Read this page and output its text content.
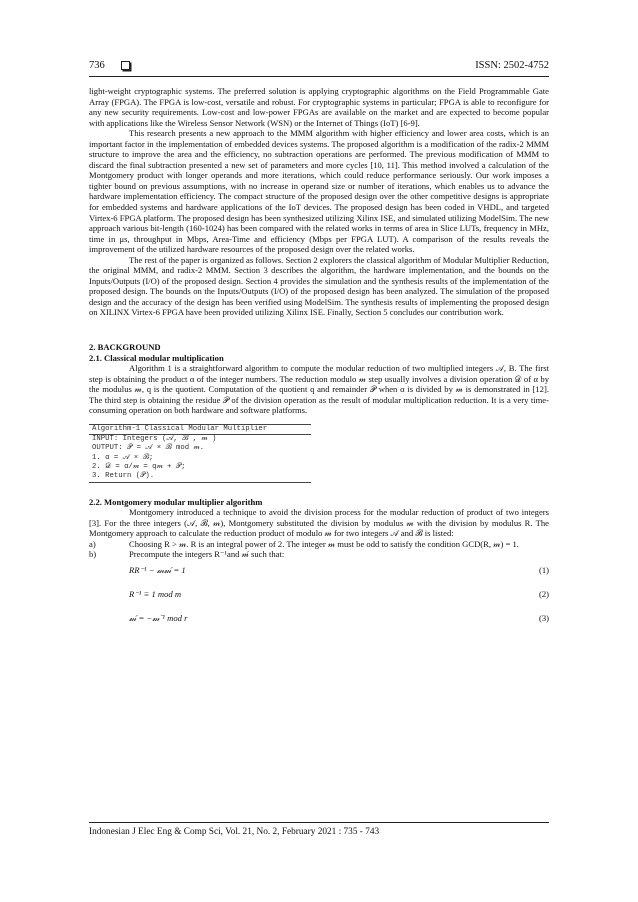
736	ISSN: 2502-4752

light-weight cryptographic systems. The preferred solution is applying cryptographic algorithms on the Field Programmable Gate Array (FPGA). The FPGA is low-cost, versatile and robust. For cryptographic systems in particular; FPGA is able to reconfigure for any new security requirements. Low-cost and low-power FPGAs are available on the market and are expected to become popular with applications like the Wireless Sensor Network (WSN) or the Internet of Things (IoT) [6-9].

This research presents a new approach to the MMM algorithm with higher efficiency and lower area costs, which is an important factor in the implementation of embedded devices systems. The proposed algorithm is a modification of the radix-2 MMM structure to improve the area and the efficiency, no subtraction operations are performed. The previous modification of MMM to discard the final subtraction presented a new set of parameters and more cycles [10, 11]. This method involved a calculation of the Montgomery product with longer operands and more iterations, which could reduce performance seriously. Our work imposes a tighter bound on previous assumptions, with no increase in operand size or number of iterations, which enables us to advance the hardware implementation efficiency. The compact structure of the proposed design over the other competitive designs is appropriate for embedded systems and hardware applications of the IoT devices. The proposed design has been coded in VHDL, and targeted Virtex-6 FPGA platform. The proposed design has been synthesized utilizing Xilinx ISE, and simulated utilizing ModelSim. The new approach various bit-length (160-1024) has been compared with the related works in terms of area in Slice LUTs, frequency in MHz, time in μs, throughput in Mbps, Area-Time and efficiency (Mbps per FPGA LUT). A comparison of the results reveals the improvement of the utilized hardware resources of the proposed design over the related works.

The rest of the paper is organized as follows. Section 2 explorers the classical algorithm of Modular Multiplier Reduction, the original MMM, and radix-2 MMM. Section 3 describes the algorithm, the hardware implementation, and the bounds on the Inputs/Outputs (I/O) of the proposed design. Section 4 provides the simulation and the synthesis results of the implementation of the proposed design. The bounds on the Inputs/Outputs (I/O) of the proposed design has been analyzed. The simulation of the proposed design and the accuracy of the design has been verified using ModelSim. The synthesis results of implementing the proposed design on XILINX Virtex-6 FPGA have been provided utilizing Xilinx ISE. Finally, Section 5 concludes our contribution work.

2. BACKGROUND

2.1. Classical modular multiplication

Algorithm 1 is a straightforward algorithm to compute the modular reduction of two multiplied integers 𝒜, B. The first step is obtaining the product α of the integer numbers. The reduction modulo 𝓂 step usually involves a division operation 𝒟 of α by the modulus 𝓂, q is the quotient. Computation of the quotient q and remainder 𝒫 when α is divided by 𝓂 is demonstrated in [12]. The third step is obtaining the residue 𝒫 of the division operation as the result of modular multiplication reduction. It is a very time-consuming operation on both hardware and software platforms.

Algorithm-1 Classical Modular Multiplier
INPUT: Integers (𝒜, ℬ , 𝓂 )
OUTPUT: 𝒫 = 𝒜 × ℬ mod 𝓂.
1. α = 𝒜 × ℬ;
2. 𝒟 = α/𝓂 = q𝓂 + 𝒫;
3. Return (𝒫).

2.2. Montgomery modular multiplier algorithm

Montgomery introduced a technique to avoid the division process for the modular reduction of product of two integers [3]. For the three integers (𝒜, ℬ, 𝓂), Montgomery substituted the division by modulus 𝓂 with the division by modulus R. The Montgomery approach to calculate the reduction product of modulo 𝓂 for two integers 𝒜 and ℬ is listed:

a)	Choosing R > 𝓂. R is an integral power of 2. The integer 𝓂 must be odd to satisfy the condition GCD(R, 𝓂) = 1.
b)	Precompute the integers R⁻¹and 𝓂́ such that:
RR⁻¹ − 𝓂𝓂́ = 1	(1)
R⁻¹ ≡ 1 mod m	(2)
𝓂́ = −𝓂⁻¹ mod r	(3)
Indonesian J Elec Eng & Comp Sci, Vol. 21, No. 2, February 2021 : 735 - 743
